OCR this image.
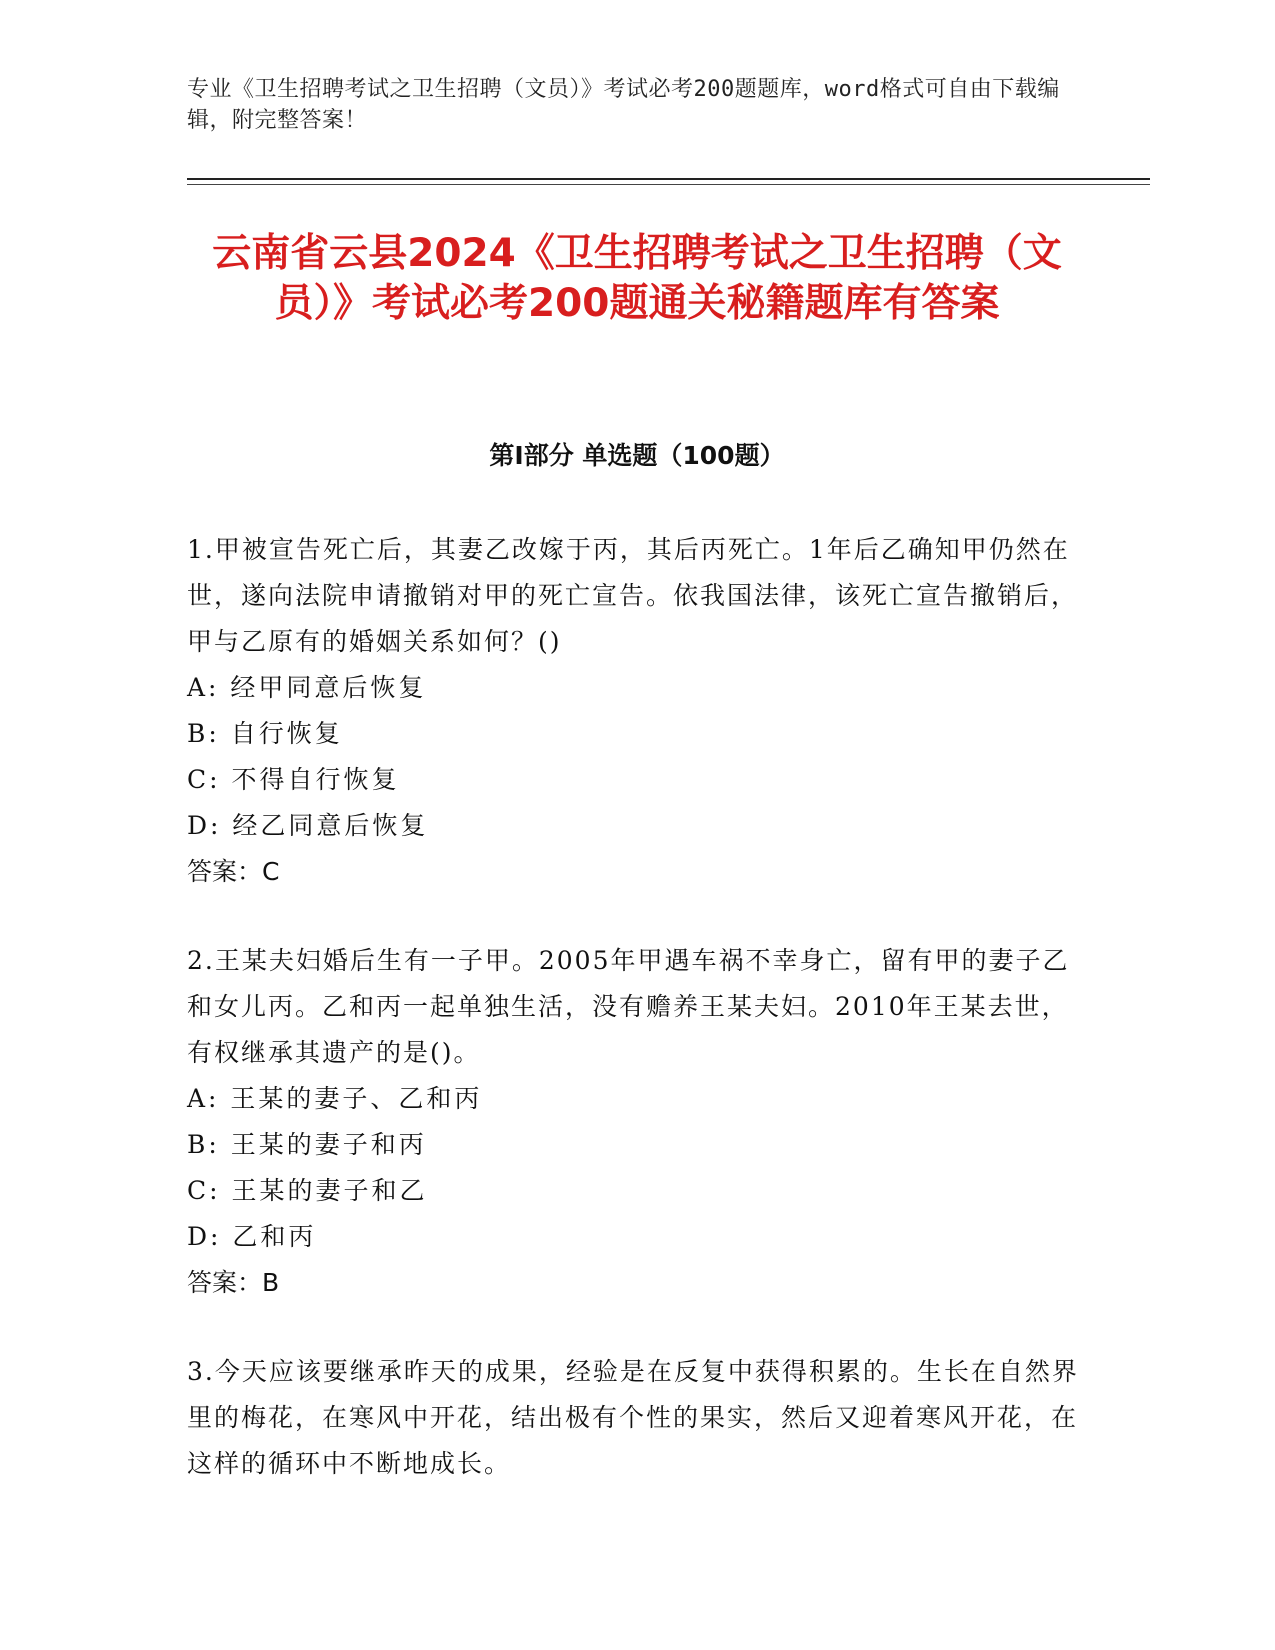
专业《卫生招聘考试之卫生招聘（文员）》考试必考200题题库，word格式可自由下载编辑，附完整答案！
云南省云县2024《卫生招聘考试之卫生招聘（文员）》考试必考200题通关秘籍题库有答案
第I部分 单选题（100题）

1.甲被宣告死亡后，其妻乙改嫁于丙，其后丙死亡。1年后乙确知甲仍然在世，遂向法院申请撤销对甲的死亡宣告。依我国法律，该死亡宣告撤销后，甲与乙原有的婚姻关系如何？()

A: 经甲同意后恢复

B: 自行恢复

C: 不得自行恢复

D: 经乙同意后恢复

答案：C

2.王某夫妇婚后生有一子甲。2005年甲遇车祸不幸身亡，留有甲的妻子乙和女儿丙。乙和丙一起单独生活，没有赡养王某夫妇。2010年王某去世，有权继承其遗产的是()。

A: 王某的妻子、乙和丙

B: 王某的妻子和丙

C: 王某的妻子和乙

D: 乙和丙

答案：B

3.今天应该要继承昨天的成果，经验是在反复中获得积累的。生长在自然界里的梅花，在寒风中开花，结出极有个性的果实，然后又迎着寒风开花，在这样的循环中不断地成长。
